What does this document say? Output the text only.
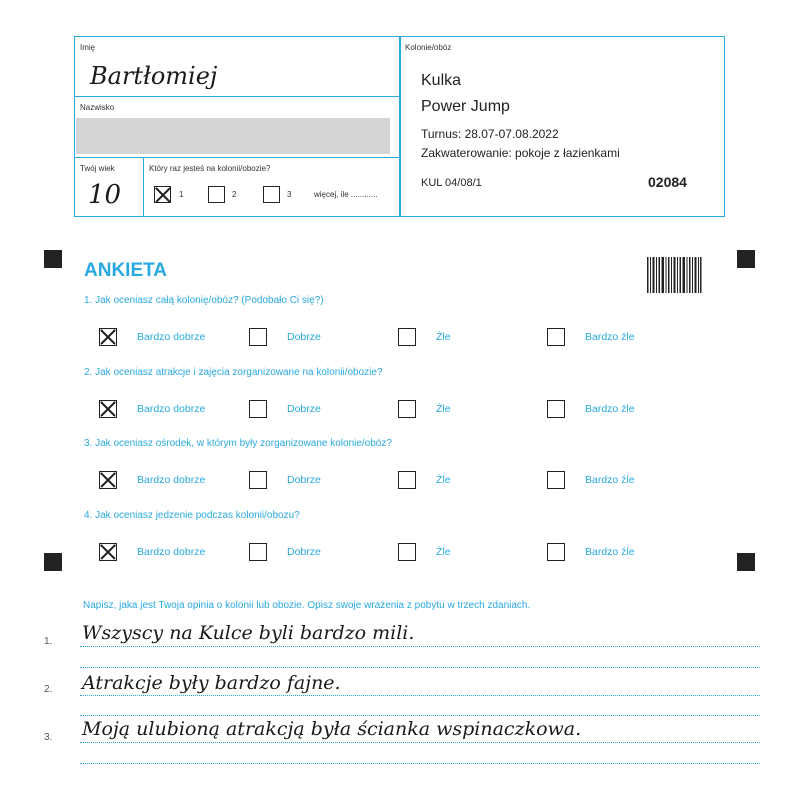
Imię
Bartłomiej
Nazwisko
Twój wiek
10
Który raz jesteś na kolonii/obozie?
1	2	3	więcej, ile ............
Kolonie/obóz
Kulka
Power Jump
Turnus: 28.07-07.08.2022
Zakwaterowanie: pokoje z łazienkami
KUL 04/08/1	02084
ANKIETA
1. Jak oceniasz całą kolonię/obóz? (Podobało Ci się?)
Bardzo dobrze	Dobrze	Źle	Bardzo źle
2. Jak oceniasz atrakcje i zajęcia zorganizowane na kolonii/obozie?
Bardzo dobrze	Dobrze	Źle	Bardzo źle
3. Jak oceniasz ośrodek, w którym były zorganizowane kolonie/obóz?
Bardzo dobrze	Dobrze	Źle	Bardzo źle
4. Jak oceniasz jedzenie podczas kolonii/obozu?
Bardzo dobrze	Dobrze	Źle	Bardzo źle
Napisz, jaka jest Twoja opinia o kolonii lub obozie. Opisz swoje wrażenia z pobytu w trzech zdaniach.
1. Wszyscy na Kulce byli bardzo mili.
2. Atrakcje były bardzo fajne.
3. Moją ulubioną atrakcją była ścianka wspinaczkowa.
